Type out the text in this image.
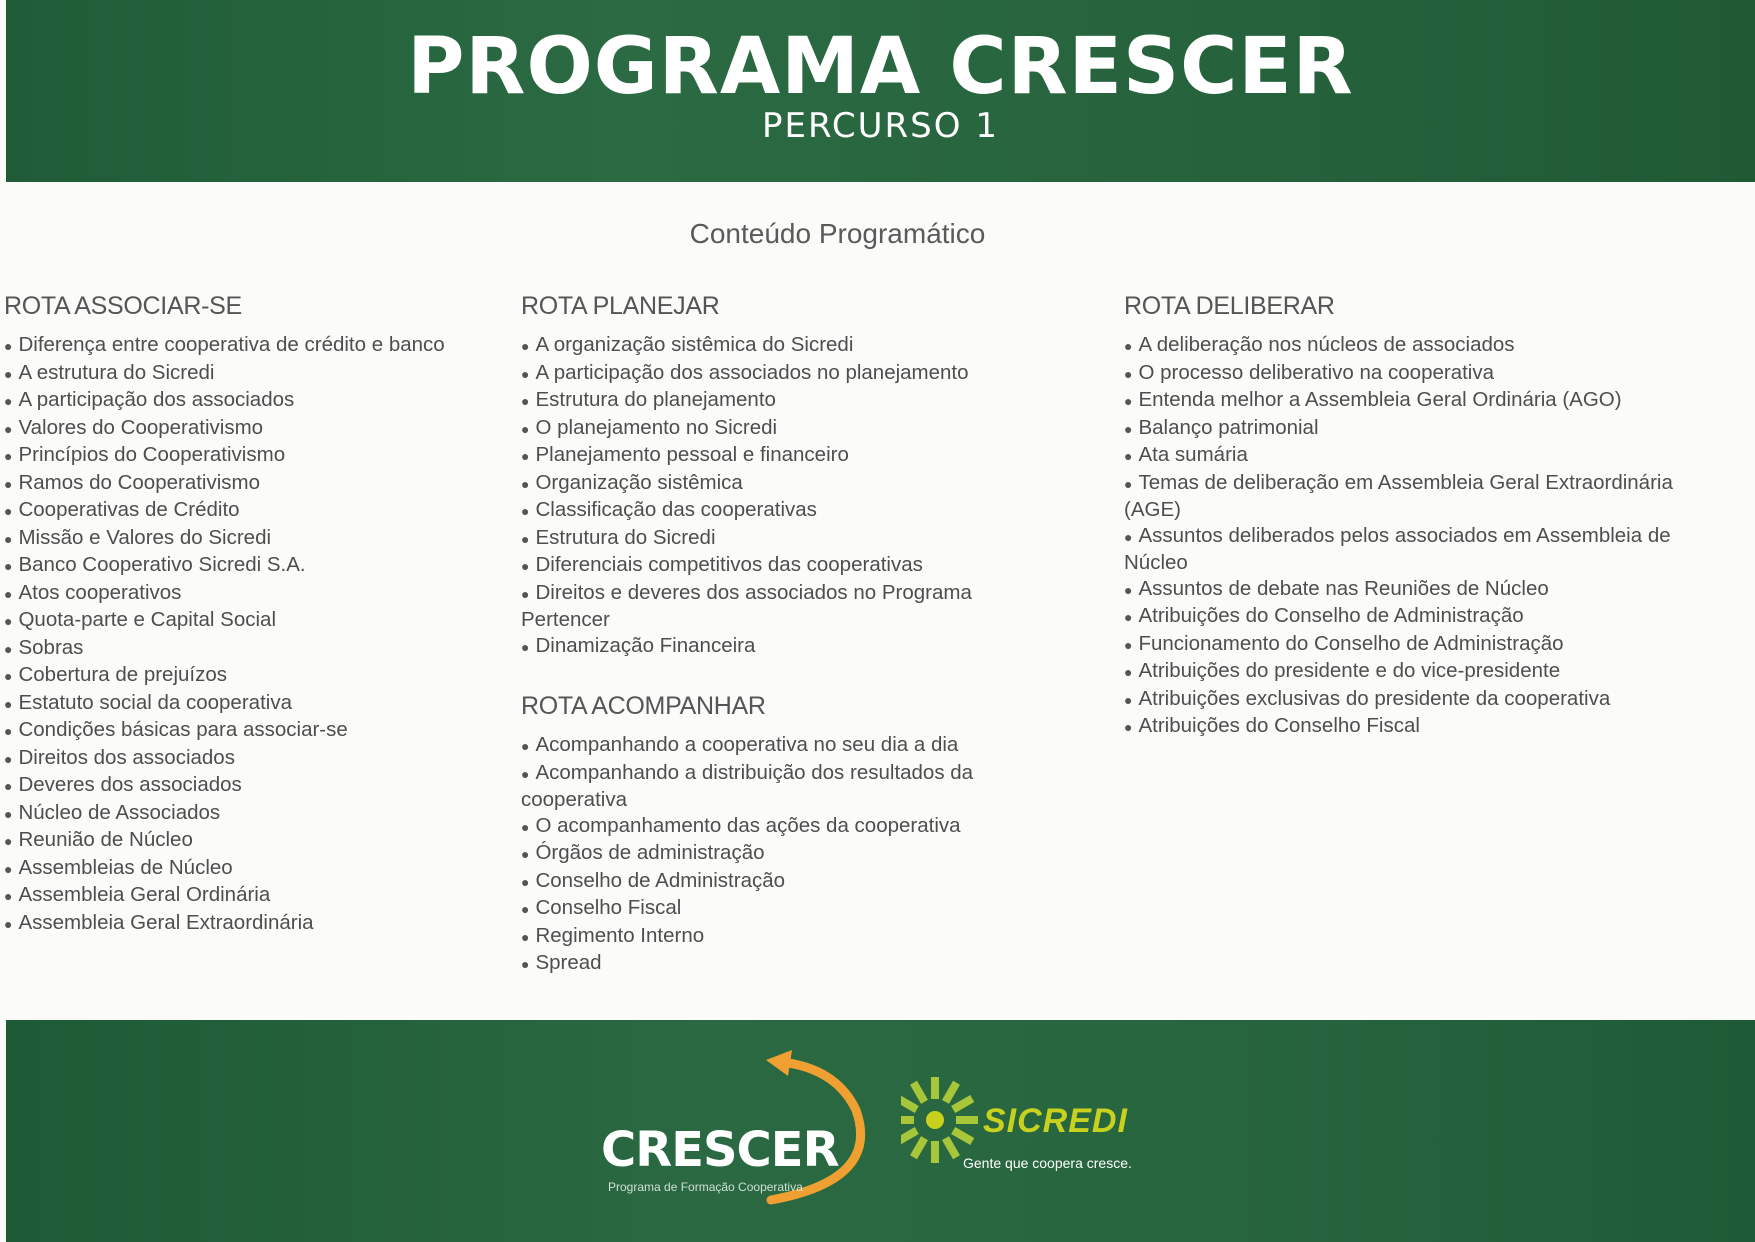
PROGRAMA CRESCER
PERCURSO 1
Conteúdo Programático
ROTA ASSOCIAR-SE
● Diferença entre cooperativa de crédito e banco
● A estrutura do Sicredi
● A participação dos associados
● Valores do Cooperativismo
● Princípios do Cooperativismo
● Ramos do Cooperativismo
● Cooperativas de Crédito
● Missão e Valores do Sicredi
● Banco Cooperativo Sicredi S.A.
● Atos cooperativos
● Quota-parte e Capital Social
● Sobras
● Cobertura de prejuízos
● Estatuto social da cooperativa
● Condições básicas para associar-se
● Direitos dos associados
● Deveres dos associados
● Núcleo de Associados
● Reunião de Núcleo
● Assembleias de Núcleo
● Assembleia Geral Ordinária
● Assembleia Geral Extraordinária
ROTA PLANEJAR
● A organização sistêmica do Sicredi
● A participação dos associados no planejamento
● Estrutura do planejamento
● O planejamento no Sicredi
● Planejamento pessoal e financeiro
● Organização sistêmica
● Classificação das cooperativas
● Estrutura do Sicredi
● Diferenciais competitivos das cooperativas
● Direitos e deveres dos associados no Programa Pertencer
● Dinamização Financeira
ROTA ACOMPANHAR
● Acompanhando a cooperativa no seu dia a dia
● Acompanhando a distribuição dos resultados da cooperativa
● O acompanhamento das ações da cooperativa
● Órgãos de administração
● Conselho de Administração
● Conselho Fiscal
● Regimento Interno
● Spread
ROTA DELIBERAR
● A deliberação nos núcleos de associados
● O processo deliberativo na cooperativa
● Entenda melhor a Assembleia Geral Ordinária (AGO)
● Balanço patrimonial
● Ata sumária
● Temas de deliberação em Assembleia Geral Extraordinária (AGE)
● Assuntos deliberados pelos associados em Assembleia de Núcleo
● Assuntos de debate nas Reuniões de Núcleo
● Atribuições do Conselho de Administração
● Funcionamento do Conselho de Administração
● Atribuições do presidente e do vice-presidente
● Atribuições exclusivas do presidente da cooperativa
● Atribuições do Conselho Fiscal
CRESCER
Programa de Formação Cooperativa
SICREDI
Gente que coopera cresce.
